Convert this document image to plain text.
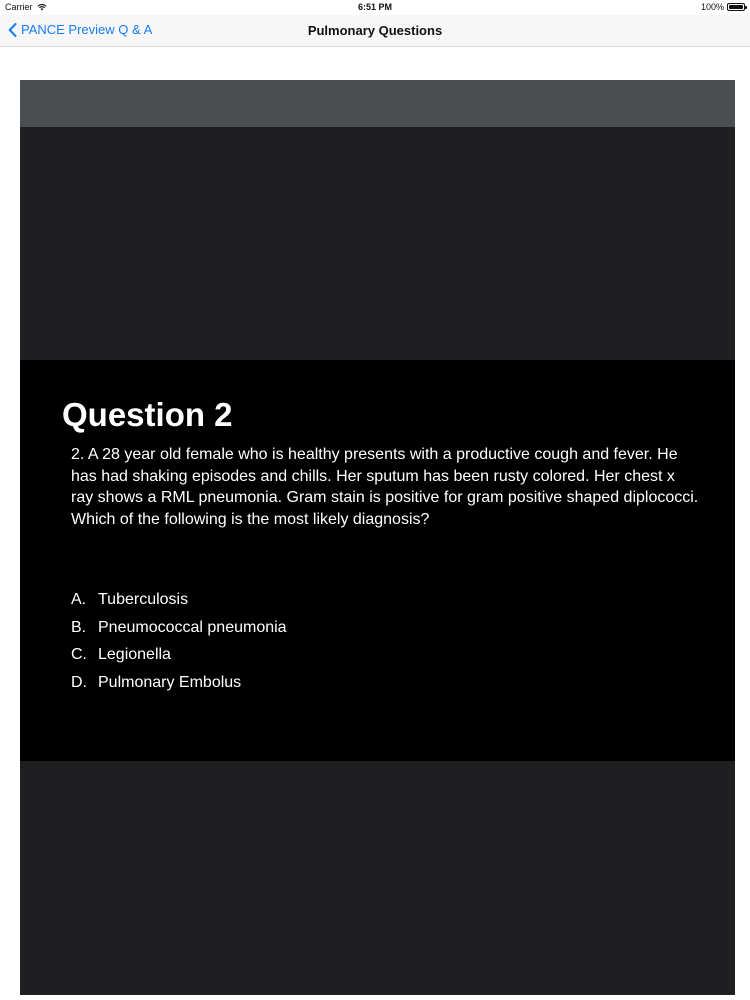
Carrier	6:51 PM	100%
PANCE Preview Q & A	Pulmonary Questions
Question 2
2. A 28 year old female who is healthy presents with a productive cough and fever. He has had shaking episodes and chills. Her sputum has been rusty colored. Her chest x ray shows a RML pneumonia. Gram stain is positive for gram positive shaped diplococci. Which of the following is the most likely diagnosis?
A. Tuberculosis
B. Pneumococcal pneumonia
C. Legionella
D. Pulmonary Embolus
